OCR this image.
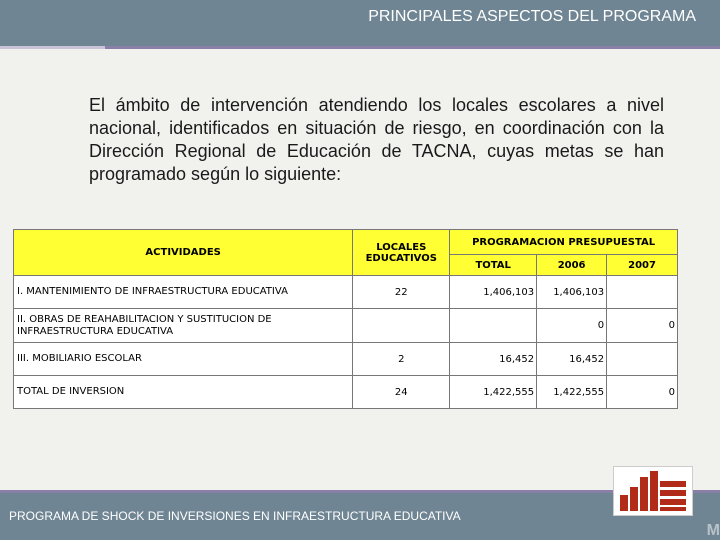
PRINCIPALES ASPECTOS DEL PROGRAMA

El ámbito de intervención atendiendo los locales escolares a nivel nacional, identificados en situación de riesgo, en coordinación con la Dirección Regional de Educación de TACNA, cuyas metas se han programado según lo siguiente:

ACTIVIDADES	LOCALES EDUCATIVOS	PROGRAMACION PRESUPUESTAL		
		TOTAL	2006	2007
I. MANTENIMIENTO DE INFRAESTRUCTURA EDUCATIVA	22	1,406,103	1,406,103	
II. OBRAS DE REAHABILITACION Y SUSTITUCION DE INFRAESTRUCTURA EDUCATIVA			0	0
III. MOBILIARIO ESCOLAR	2	16,452	16,452	
TOTAL DE INVERSION	24	1,422,555	1,422,555	0
PROGRAMA DE SHOCK DE INVERSIONES EN INFRAESTRUCTURA EDUCATIVA
M
